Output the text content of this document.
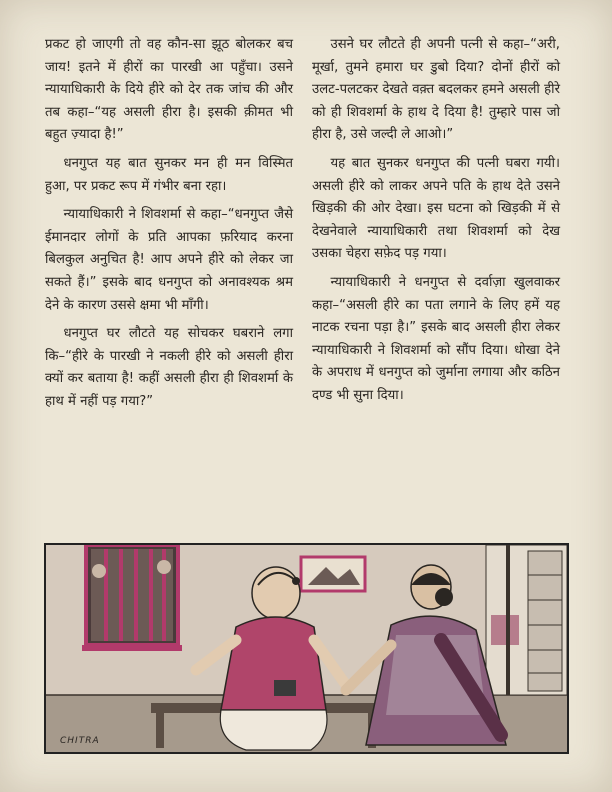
प्रकट हो जाएगी तो वह कौन-सा झूठ बोलकर बच जाय! इतने में हीरों का पारखी आ पहुँचा। उसने न्यायाधिकारी के दिये हीरे को देर तक जांच की और तब कहा–“यह असली हीरा है। इसकी क़ीमत भी बहुत ज़्यादा है!”

धनगुप्त यह बात सुनकर मन ही मन विस्मित हुआ, पर प्रकट रूप में गंभीर बना रहा।

न्यायाधिकारी ने शिवशर्मा से कहा–“धनगुप्त जैसे ईमानदार लोगों के प्रति आपका फ़रियाद करना बिलकुल अनुचित है! आप अपने हीरे को लेकर जा सकते हैं।” इसके बाद धनगुप्त को अनावश्यक श्रम देने के कारण उससे क्षमा भी माँगी।

धनगुप्त घर लौटते यह सोचकर घबराने लगा कि–“हीरे के पारखी ने नकली हीरे को असली हीरा क्यों कर बताया है! कहीं असली हीरा ही शिवशर्मा के हाथ में नहीं पड़ गया?”

उसने घर लौटते ही अपनी पत्नी से कहा–“अरी, मूर्खा, तुमने हमारा घर डुबो दिया? दोनों हीरों को उलट-पलटकर देखते वक़्त बदलकर हमने असली हीरे को ही शिवशर्मा के हाथ दे दिया है! तुम्हारे पास जो हीरा है, उसे जल्दी ले आओ।”

यह बात सुनकर धनगुप्त की पत्नी घबरा गयी। असली हीरे को लाकर अपने पति के हाथ देते उसने खिड़की की ओर देखा। इस घटना को खिड़की में से देखनेवाले न्यायाधिकारी तथा शिवशर्मा को देख उसका चेहरा सफ़ेद पड़ गया।

न्यायाधिकारी ने धनगुप्त से दर्वाज़ा खुलवाकर कहा–“असली हीरे का पता लगाने के लिए हमें यह नाटक रचना पड़ा है।” इसके बाद असली हीरा लेकर न्यायाधिकारी ने शिवशर्मा को सौंप दिया। धोखा देने के अपराध में धनगुप्त को जुर्माना लगाया और कठिन दण्ड भी सुना दिया।

CHITRA
